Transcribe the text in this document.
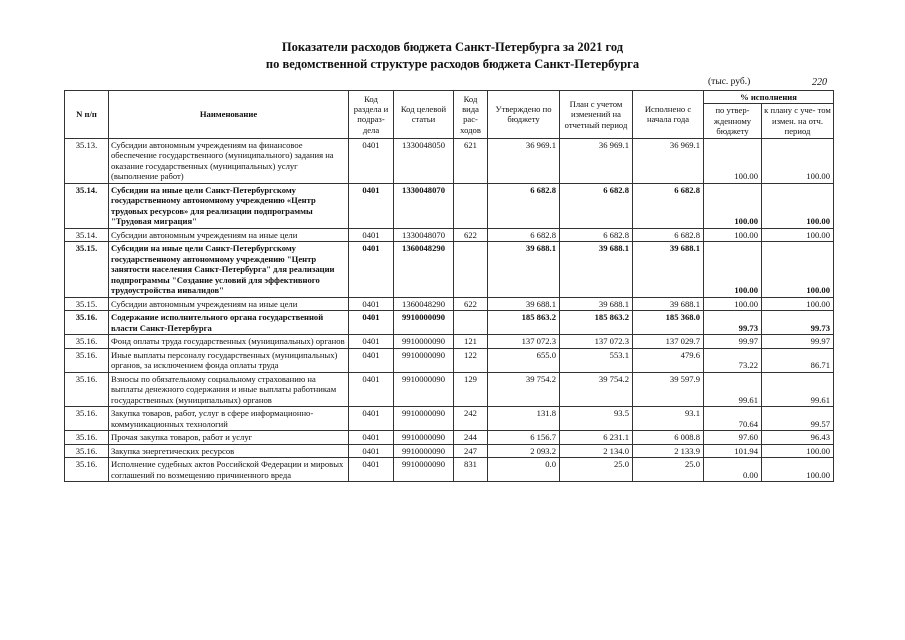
Показатели расходов бюджета Санкт-Петербурга за 2021 год
по ведомственной структуре расходов бюджета Санкт-Петербурга
(тыс. руб.)	220
N п/п	Наименование	Код раздела и подраз- дела	Код целевой статьи	Код вида рас- ходов	Утверждено по бюджету	План с учетом изменений на отчетный период	Исполнено с начала года	% исполнения	
								по утвер- жденному бюджету	к плану с уче- том измен. на отч. период
35.13.	Субсидии автономным учреждениям на финансовое обеспечение государственного (муниципального) задания на оказание государственных (муниципальных) услуг (выполнение работ)	0401	1330048050	621	36 969.1	36 969.1	36 969.1	100.00	100.00
35.14.	Субсидии на иные цели Санкт-Петербургскому государственному автономному учреждению «Центр трудовых ресурсов» для реализации подпрограммы "Трудовая миграция"	0401	1330048070		6 682.8	6 682.8	6 682.8	100.00	100.00
35.14.	Субсидии автономным учреждениям на иные цели	0401	1330048070	622	6 682.8	6 682.8	6 682.8	100.00	100.00
35.15.	Субсидии на иные цели Санкт-Петербургскому государственному автономному учреждению "Центр занятости населения Санкт-Петербурга" для реализации подпрограммы "Создание условий для эффективного трудоустройства инвалидов"	0401	1360048290		39 688.1	39 688.1	39 688.1	100.00	100.00
35.15.	Субсидии автономным учреждениям на иные цели	0401	1360048290	622	39 688.1	39 688.1	39 688.1	100.00	100.00
35.16.	Содержание исполнительного органа государственной власти Санкт-Петербурга	0401	9910000090		185 863.2	185 863.2	185 368.0	99.73	99.73
35.16.	Фонд оплаты труда государственных (муниципальных) органов	0401	9910000090	121	137 072.3	137 072.3	137 029.7	99.97	99.97
35.16.	Иные выплаты персоналу государственных (муниципальных) органов, за исключением фонда оплаты труда	0401	9910000090	122	655.0	553.1	479.6	73.22	86.71
35.16.	Взносы по обязательному социальному страхованию на выплаты денежного содержания и иные выплаты работникам государственных (муниципальных) органов	0401	9910000090	129	39 754.2	39 754.2	39 597.9	99.61	99.61
35.16.	Закупка товаров, работ, услуг в сфере информационно-коммуникационных технологий	0401	9910000090	242	131.8	93.5	93.1	70.64	99.57
35.16.	Прочая закупка товаров, работ и услуг	0401	9910000090	244	6 156.7	6 231.1	6 008.8	97.60	96.43
35.16.	Закупка энергетических ресурсов	0401	9910000090	247	2 093.2	2 134.0	2 133.9	101.94	100.00
35.16.	Исполнение судебных актов Российской Федерации и мировых соглашений по возмещению причиненного вреда	0401	9910000090	831	0.0	25.0	25.0	0.00	100.00
